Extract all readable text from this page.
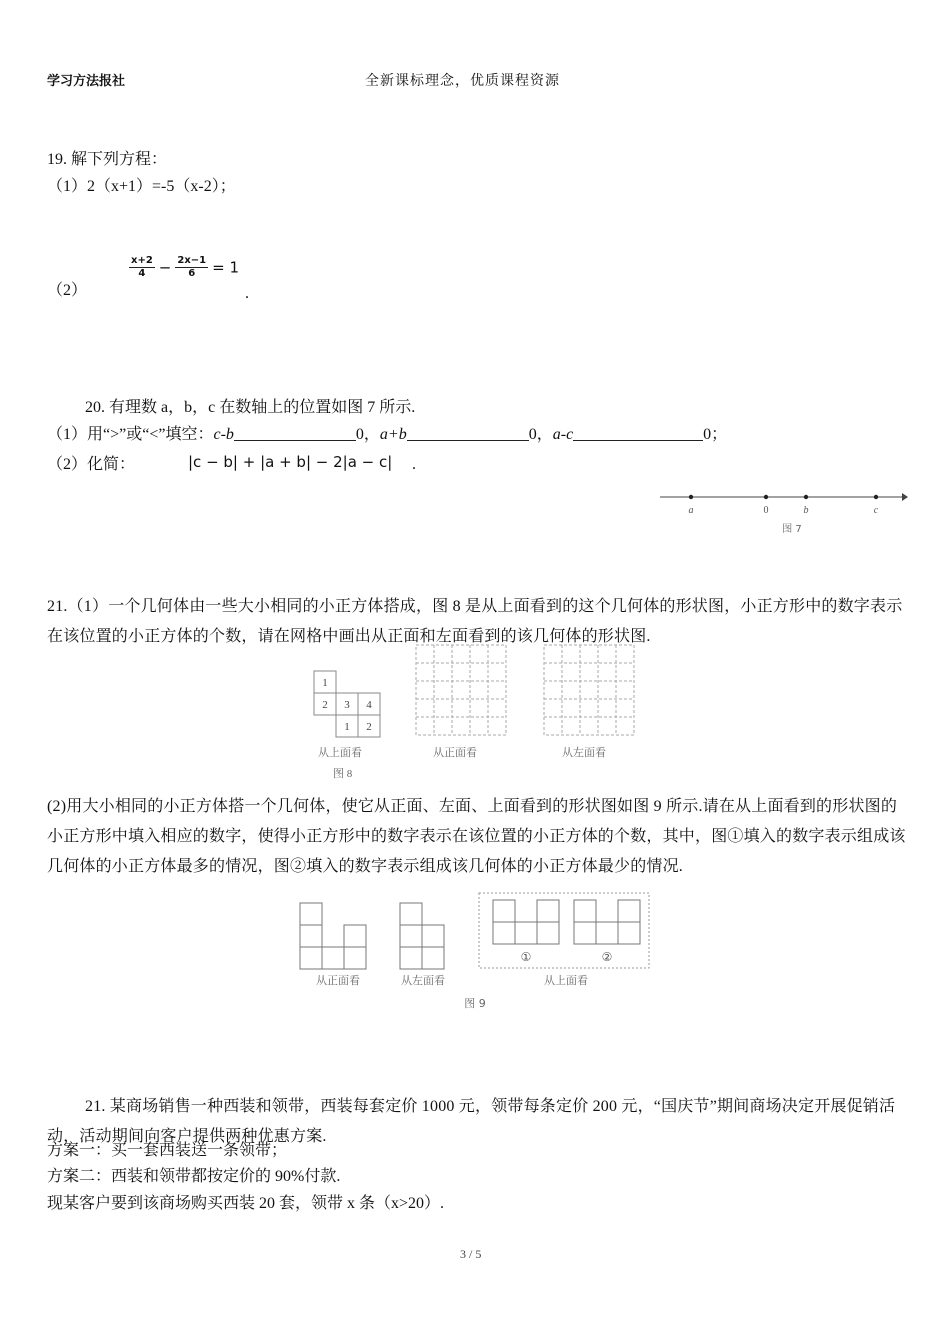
学习方法报社	全新课标理念，优质课程资源
19. 解下列方程：
（1）2（x+1）=-5（x-2）；
（2）
$\frac{x+2}{4} - \frac{2x-1}{6} = 1$
.
20. 有理数 a，b，c 在数轴上的位置如图 7 所示.
（1）用“>”或“<”填空：c-b	0，a+b	0，a-c	0；
（2）化简：	|c − b| + |a + b| − 2|a − c| .
a	0	b	c
图 7
21.（1）一个几何体由一些大小相同的小正方体搭成，图 8 是从上面看到的这个几何体的形状图，小正方形中的数字表示在该位置的小正方体的个数，请在网格中画出从正面和左面看到的该几何体的形状图.
1
2 3 4
1 2
从上面看
图 8
从正面看	从左面看
(2)用大小相同的小正方体搭一个几何体，使它从正面、左面、上面看到的形状图如图 9 所示.请在从上面看到的形状图的小正方形中填入相应的数字，使得小正方形中的数字表示在该位置的小正方体的个数，其中，图①填入的数字表示组成该几何体的小正方体最多的情况，图②填入的数字表示组成该几何体的小正方体最少的情况.
①	②
从正面看	从左面看	从上面看
图 9
21. 某商场销售一种西装和领带，西装每套定价 1000 元，领带每条定价 200 元，“国庆节”期间商场决定开展促销活动，活动期间向客户提供两种优惠方案.
方案一：买一套西装送一条领带；
方案二：西装和领带都按定价的 90%付款.
现某客户要到该商场购买西装 20 套，领带 x 条（x>20）.
3 / 5
